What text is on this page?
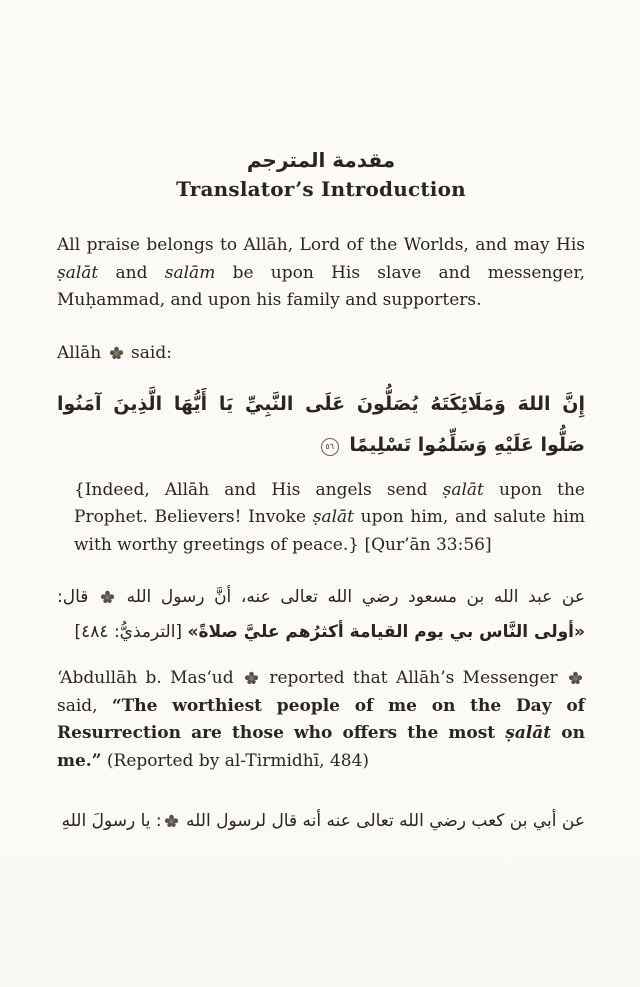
مقدمة المترجم
Translator’s Introduction

All praise belongs to Allāh, Lord of the Worlds, and may His ṣalāt and salām be upon His slave and messenger, Muḥammad, and upon his family and supporters.

Allāh  said:

إِنَّ اللهَ وَمَلَائِكَتَهُ يُصَلُّونَ عَلَى النَّبِيِّ يَا أَيُّهَا الَّذِينَ آمَنُوا صَلُّوا عَلَيْهِ وَسَلِّمُوا تَسْلِيمًا ٥٦

{Indeed, Allāh and His angels send ṣalāt upon the Prophet. Believers! Invoke ṣalāt upon him, and salute him with worthy greetings of peace.} [Qur’ān 33:56]

عن عبد الله بن مسعود رضي الله تعالى عنه، أنَّ رسول الله  قال: «أولى النَّاس بي يوم القيامة أكثرُهم عليَّ صلاةً» [الترمذيُّ: ٤٨٤]

‘Abdullāh b. Mas‘ud  reported that Allāh’s Messenger  said, “The worthiest people of me on the Day of Resurrection are those who offers the most ṣalāt on me.” (Reported by al-Tirmidhī, 484)

عن أبي بن كعب رضي الله تعالى عنه أنه قال لرسول الله : يا رسولَ اللهِ
